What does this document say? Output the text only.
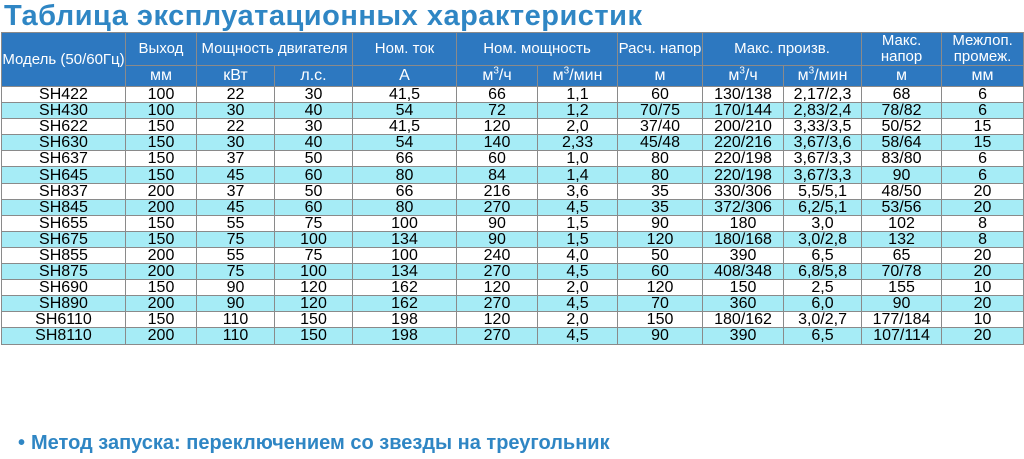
Таблица эксплуатационных характеристик
Модель (50/60Гц)	Выход	Мощность двигателя		Ном. ток	Ном. мощность		Расч. напор	Макс. произв.		Макс. напор	Межлоп. промеж.
	мм	кВт	л.с.	А	$м^3/ч$	$м^3$/мин	м	$м^3/ч$	$м^3$/мин	м	мм
SH422	100	22	30	41,5	66	1,1	60	130/138	2,17/2,3	68	6
SH430	100	30	40	54	72	1,2	70/75	170/144	2,83/2,4	78/82	6
SH622	150	22	30	41,5	120	2,0	37/40	200/210	3,33/3,5	50/52	15
SH630	150	30	40	54	140	2,33	45/48	220/216	3,67/3,6	58/64	15
SH637	150	37	50	66	60	1,0	80	220/198	3,67/3,3	83/80	6
SH645	150	45	60	80	84	1,4	80	220/198	3,67/3,3	90	6
SH837	200	37	50	66	216	3,6	35	330/306	5,5/5,1	48/50	20
SH845	200	45	60	80	270	4,5	35	372/306	6,2/5,1	53/56	20
SH655	150	55	75	100	90	1,5	90	180	3,0	102	8
SH675	150	75	100	134	90	1,5	120	180/168	3,0/2,8	132	8
SH855	200	55	75	100	240	4,0	50	390	6,5	65	20
SH875	200	75	100	134	270	4,5	60	408/348	6,8/5,8	70/78	20
SH690	150	90	120	162	120	2,0	120	150	2,5	155	10
SH890	200	90	120	162	270	4,5	70	360	6,0	90	20
SH6110	150	110	150	198	120	2,0	150	180/162	3,0/2,7	177/184	10
SH8110	200	110	150	198	270	4,5	90	390	6,5	107/114	20
• Метод запуска: переключением со звезды на треугольник
